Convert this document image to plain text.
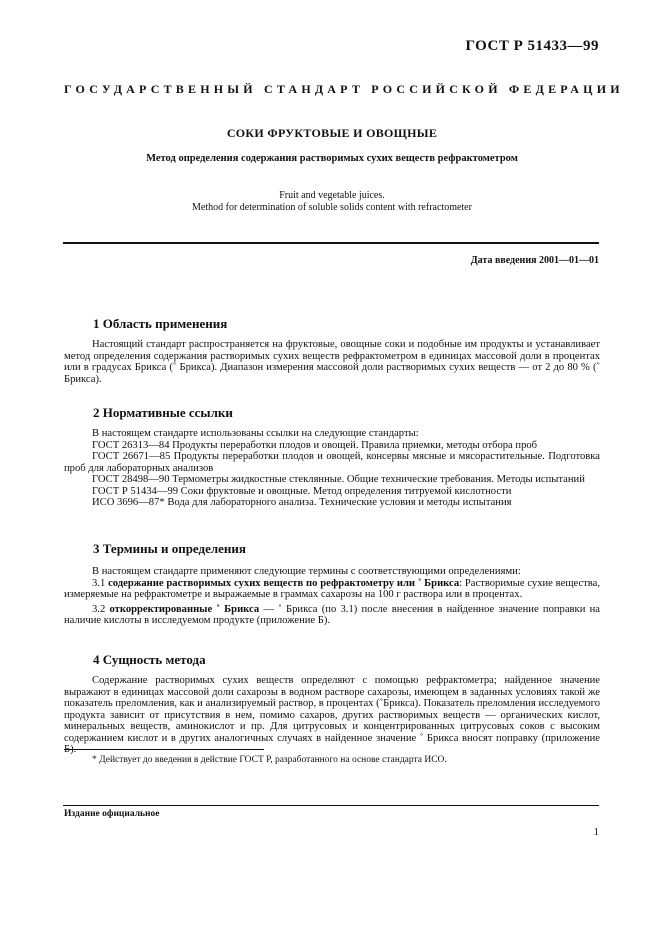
ГОСТ Р 51433—99
ГОСУДАРСТВЕННЫЙ СТАНДАРТ РОССИЙСКОЙ ФЕДЕРАЦИИ
СОКИ ФРУКТОВЫЕ И ОВОЩНЫЕ
Метод определения содержания растворимых сухих веществ рефрактометром
Fruit and vegetable juices.
Method for determination of soluble solids content with refractometer
Дата введения 2001—01—01
1 Область применения

Настоящий стандарт распространяется на фруктовые, овощные соки и подобные им продукты и устанавливает метод определения содержания растворимых сухих веществ рефрактометром в единицах массовой доли в процентах или в градусах Брикса (˚ Брикса). Диапазон измерения массовой доли растворимых сухих веществ — от 2 до 80 % (˚ Брикса).

2 Нормативные ссылки

В настоящем стандарте использованы ссылки на следующие стандарты:

ГОСТ 26313—84 Продукты переработки плодов и овощей. Правила приемки, методы отбора проб

ГОСТ 26671—85 Продукты переработки плодов и овощей, консервы мясные и мясорастительные. Подготовка проб для лабораторных анализов

ГОСТ 28498—90 Термометры жидкостные стеклянные. Общие технические требования. Методы испытаний

ГОСТ Р 51434—99 Соки фруктовые и овощные. Метод определения титруемой кислотности

ИСО 3696—87* Вода для лабораторного анализа. Технические условия и методы испытания

3 Термины и определения

В настоящем стандарте применяют следующие термины с соответствующими определениями:

3.1 содержание растворимых сухих веществ по рефрактометру или ˚ Брикса: Растворимые сухие вещества, измеряемые на рефрактометре и выражаемые в граммах сахарозы на 100 г раствора или в процентах.

3.2 откорректированные ˚ Брикса — ˚ Брикса (по 3.1) после внесения в найденное значение поправки на наличие кислоты в исследуемом продукте (приложение Б).

4 Сущность метода

Содержание растворимых сухих веществ определяют с помощью рефрактометра; найденное значение выражают в единицах массовой доли сахарозы в водном растворе сахарозы, имеющем в заданных условиях такой же показатель преломления, как и анализируемый раствор, в процентах (˚Брикса). Показатель преломления исследуемого продукта зависит от присутствия в нем, помимо сахаров, других растворимых веществ — органических кислот, минеральных веществ, аминокислот и пр. Для цитрусовых и концентрированных цитрусовых соков с высоким содержанием кислот и в других аналогичных случаях в найденное значение ˚ Брикса вносят поправку (приложение

* Действует до введения в действие ГОСТ Р, разработанного на основе стандарта ИСО.
Издание официальное
1
